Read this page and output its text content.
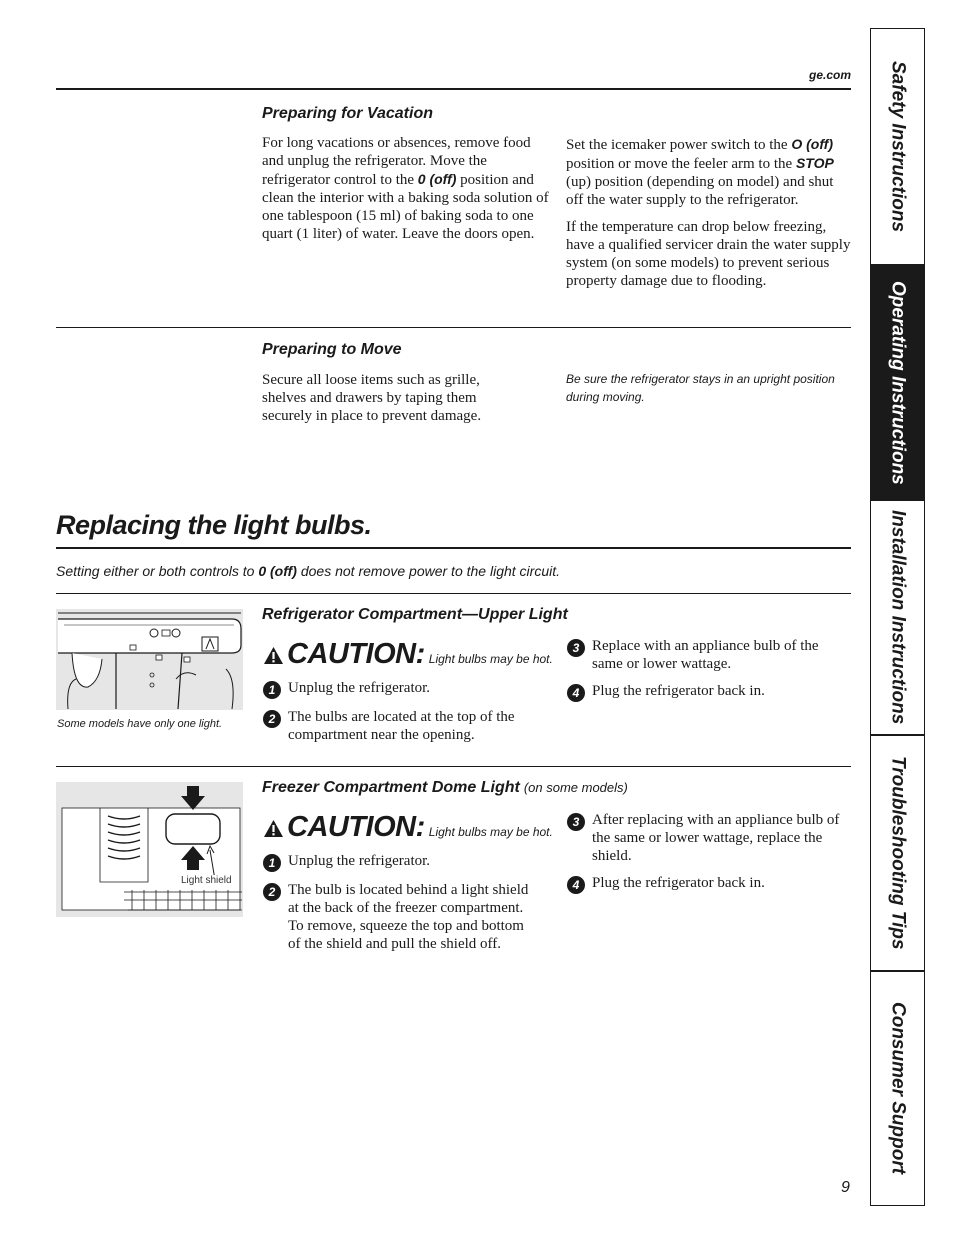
ge.com
Preparing for Vacation

For long vacations or absences, remove food and unplug the refrigerator. Move the refrigerator control to the 0 (off) position and clean the interior with a baking soda solution of one tablespoon (15 ml) of baking soda to one quart (1 liter) of water. Leave the doors open.

Set the icemaker power switch to the O (off) position or move the feeler arm to the STOP (up) position (depending on model) and shut off the water supply to the refrigerator.

If the temperature can drop below freezing, have a qualified servicer drain the water supply system (on some models) to prevent serious property damage due to flooding.

Preparing to Move
Secure all loose items such as grille, shelves and drawers by taping them securely in place to prevent damage.
Be sure the refrigerator stays in an upright position during moving.
Replacing the light bulbs.
Setting either or both controls to 0 (off) does not remove power to the light circuit.
Some models have only one light.
Refrigerator Compartment—Upper Light
CAUTION: Light bulbs may be hot.
1 Unplug the refrigerator.
2 The bulbs are located at the top of the compartment near the opening.
3 Replace with an appliance bulb of the same or lower wattage.
4 Plug the refrigerator back in.
Light shield
Freezer Compartment Dome Light (on some models)
CAUTION: Light bulbs may be hot.
1 Unplug the refrigerator.
2 The bulb is located behind a light shield at the back of the freezer compartment. To remove, squeeze the top and bottom of the shield and pull the shield off.
3 After replacing with an appliance bulb of the same or lower wattage, replace the shield.
4 Plug the refrigerator back in.
9
Safety Instructions
Operating Instructions
Installation Instructions
Troubleshooting Tips
Consumer Support
